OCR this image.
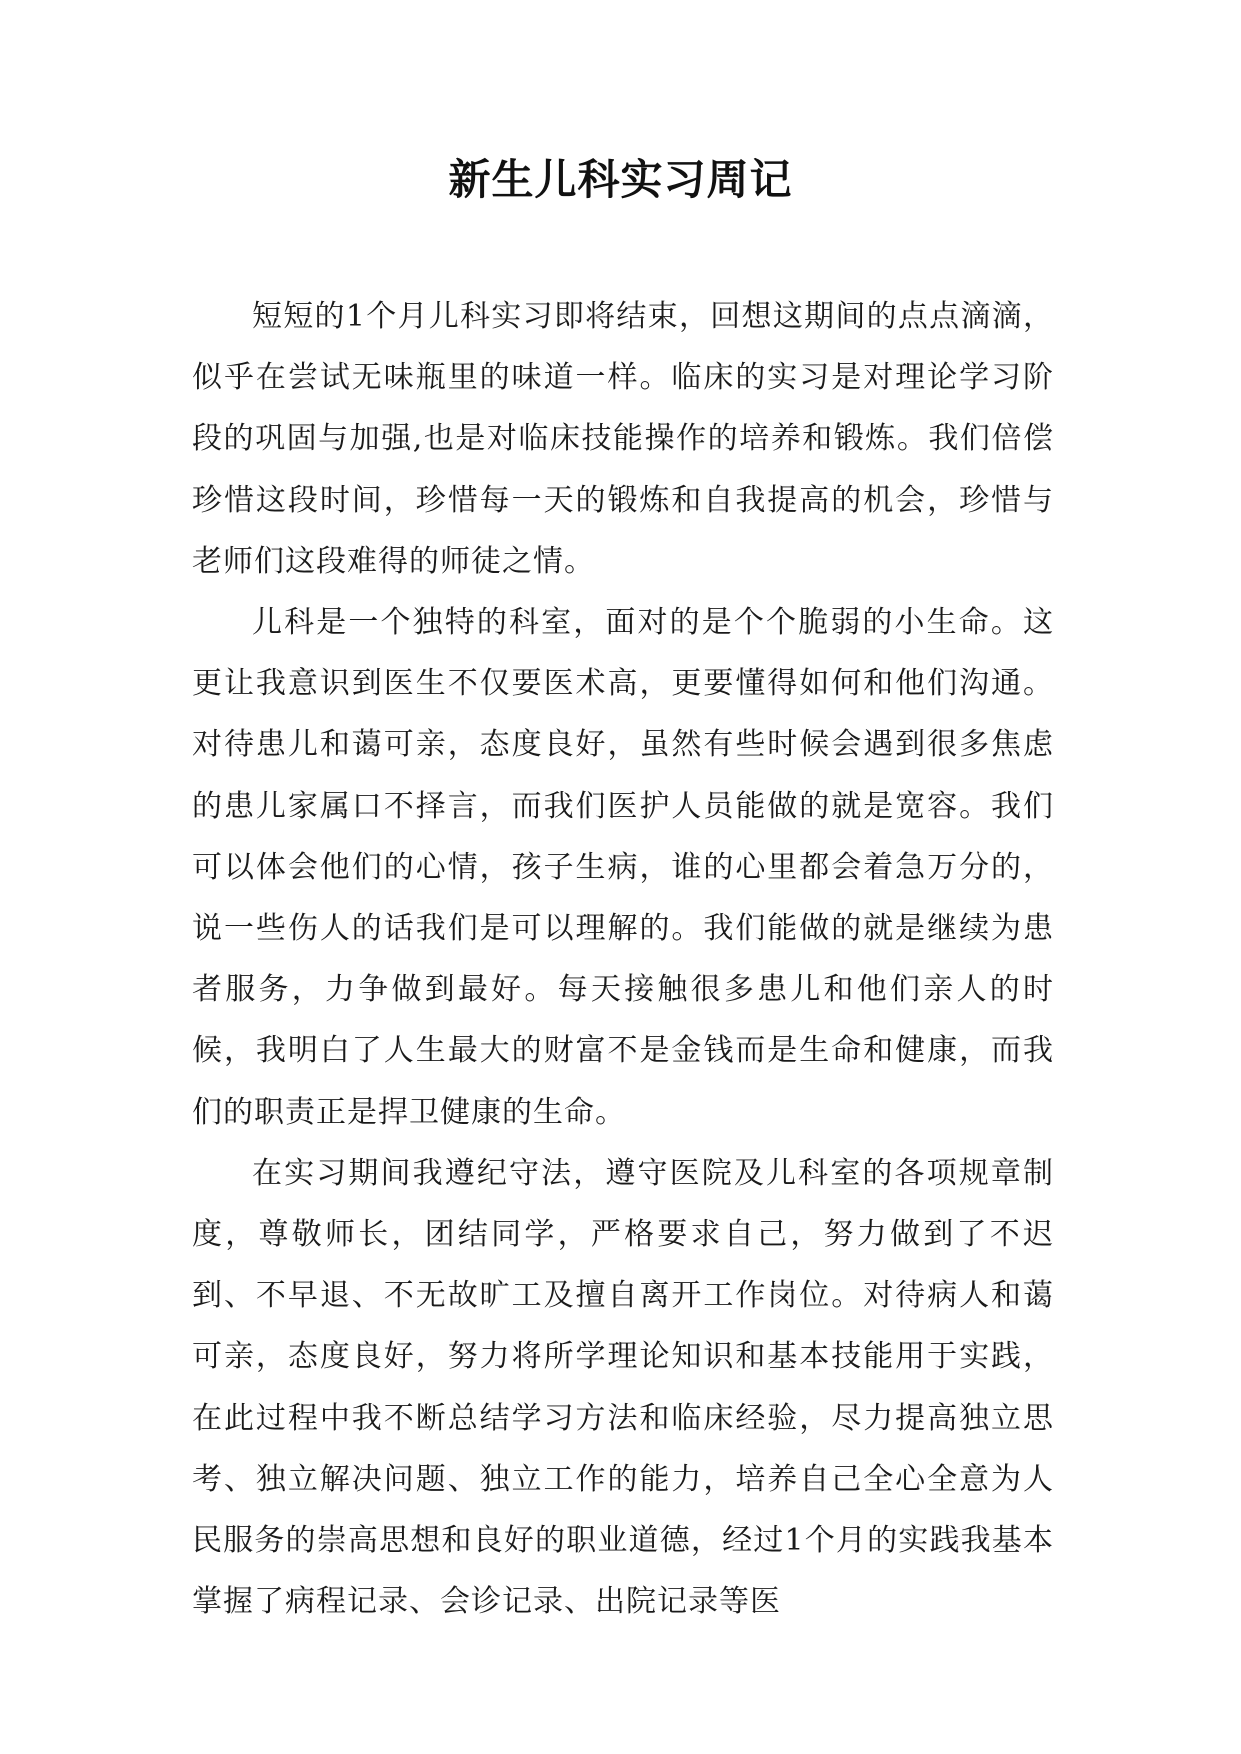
新生儿科实习周记

短短的1个月儿科实习即将结束，回想这期间的点点滴滴，似乎在尝试无味瓶里的味道一样。临床的实习是对理论学习阶段的巩固与加强,也是对临床技能操作的培养和锻炼。我们倍偿珍惜这段时间，珍惜每一天的锻炼和自我提高的机会，珍惜与老师们这段难得的师徒之情。

儿科是一个独特的科室，面对的是个个脆弱的小生命。这更让我意识到医生不仅要医术高，更要懂得如何和他们沟通。对待患儿和蔼可亲，态度良好，虽然有些时候会遇到很多焦虑的患儿家属口不择言，而我们医护人员能做的就是宽容。我们可以体会他们的心情，孩子生病，谁的心里都会着急万分的，说一些伤人的话我们是可以理解的。我们能做的就是继续为患者服务，力争做到最好。每天接触很多患儿和他们亲人的时候，我明白了人生最大的财富不是金钱而是生命和健康，而我们的职责正是捍卫健康的生命。

在实习期间我遵纪守法，遵守医院及儿科室的各项规章制度，尊敬师长，团结同学，严格要求自己，努力做到了不迟到、不早退、不无故旷工及擅自离开工作岗位。对待病人和蔼可亲，态度良好，努力将所学理论知识和基本技能用于实践，在此过程中我不断总结学习方法和临床经验，尽力提高独立思考、独立解决问题、独立工作的能力，培养自己全心全意为人民服务的崇高思想和良好的职业道德，经过1个月的实践我基本掌握了病程记录、会诊记录、出院记录等医
